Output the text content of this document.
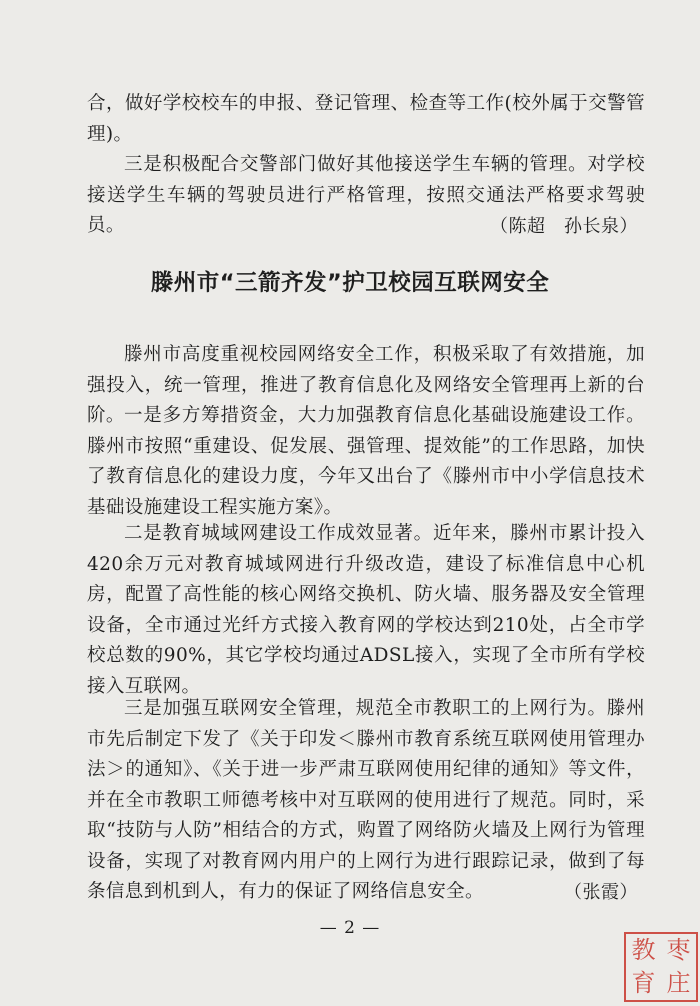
合，做好学校校车的申报、登记管理、检查等工作(校外属于交警管理)。

三是积极配合交警部门做好其他接送学生车辆的管理。对学校接送学生车辆的驾驶员进行严格管理，按照交通法严格要求驾驶员。	（陈超　孙长泉）
滕州市“三箭齐发”护卫校园互联网安全

滕州市高度重视校园网络安全工作，积极采取了有效措施，加强投入，统一管理，推进了教育信息化及网络安全管理再上新的台阶。 一是多方筹措资金，大力加强教育信息化基础设施建设工作。滕州市按照“重建设、促发展、强管理、提效能”的工作思路，加快了教育信息化的建设力度，今年又出台了《滕州市中小学信息技术基础设施建设工程实施方案》。

二是教育城域网建设工作成效显著。近年来，滕州市累计投入420余万元对教育城域网进行升级改造，建设了标准信息中心机房，配置了高性能的核心网络交换机、防火墙、服务器及安全管理设备，全市通过光纤方式接入教育网的学校达到210处，占全市学校总数的90%，其它学校均通过ADSL接入，实现了全市所有学校接入互联网。

三是加强互联网安全管理，规范全市教职工的上网行为。滕州市先后制定下发了《关于印发＜滕州市教育系统互联网使用管理办法＞的通知》、《关于进一步严肃互联网使用纪律的通知》等文件，并在全市教职工师德考核中对互联网的使用进行了规范。同时，采取“技防与人防”相结合的方式，购置了网络防火墙及上网行为管理设备，实现了对教育网内用户的上网行为进行跟踪记录，做到了每条信息到机到人，有力的保证了网络信息安全。	（张霞）
— 2 —
教 枣
育 庄
